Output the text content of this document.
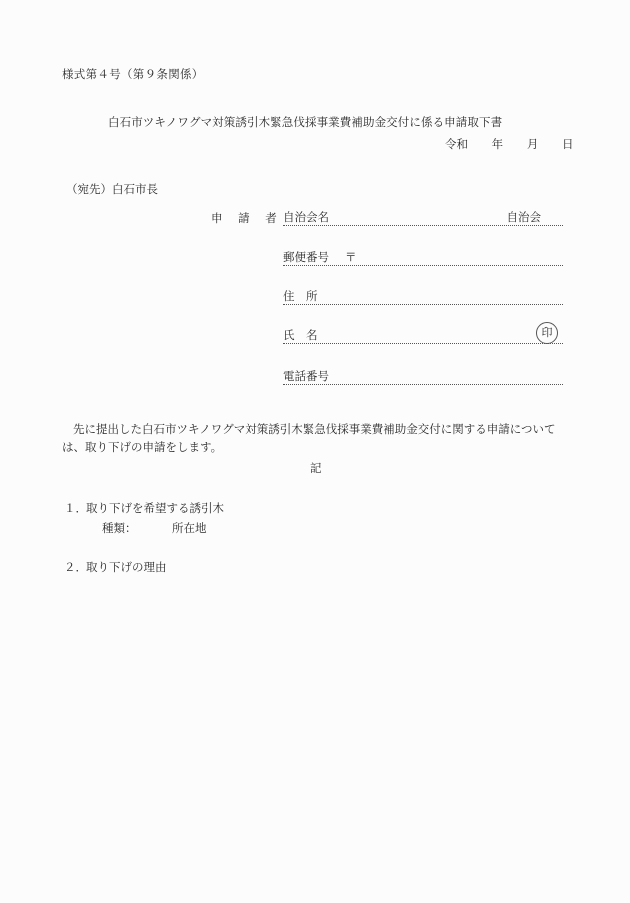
様式第４号（第９条関係）
白石市ツキノワグマ対策誘引木緊急伐採事業費補助金交付に係る申請取下書
令和 年 月 日
（宛先）白石市長
申 請 者 自治会名	自治会
郵便番号 〒
住　所
氏　名	印
電話番号
先に提出した白石市ツキノワグマ対策誘引木緊急伐採事業費補助金交付に関する申請については、取り下げの申請をします。
記
１．取り下げを希望する誘引木
種類：	所在地
２．取り下げの理由
